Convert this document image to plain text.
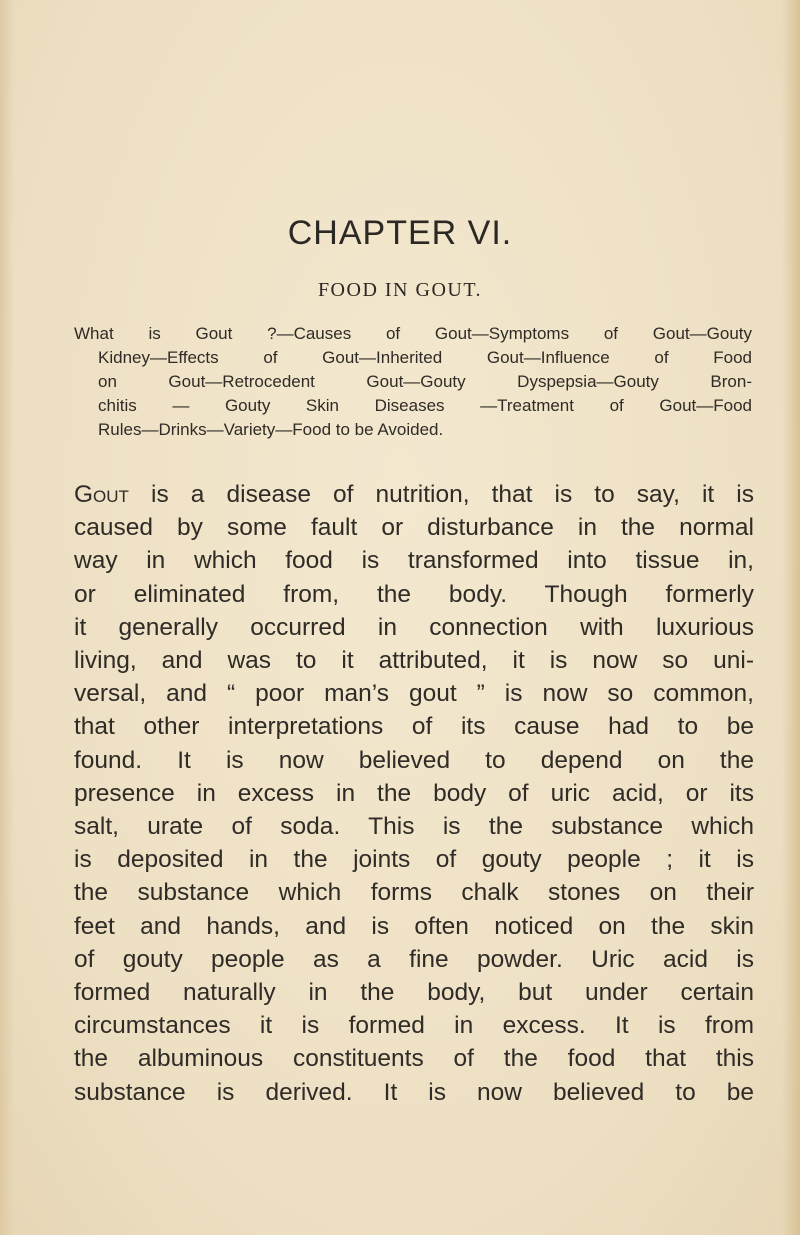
CHAPTER VI.
FOOD IN GOUT.
What is Gout ?—Causes of Gout—Symptoms of Gout—Gouty
Kidney—Effects of Gout—Inherited Gout—Influence of Food
on Gout—Retrocedent Gout—Gouty Dyspepsia—Gouty Bron-
chitis — Gouty Skin Diseases —Treatment of Gout—Food
Rules—Drinks—Variety—Food to be Avoided.
Gout is a disease of nutrition, that is to say, it is
caused by some fault or disturbance in the normal
way in which food is transformed into tissue in,
or eliminated from, the body. Though formerly
it generally occurred in connection with luxurious
living, and was to it attributed, it is now so uni-
versal, and “ poor man’s gout ” is now so common,
that other interpretations of its cause had to be
found. It is now believed to depend on the
presence in excess in the body of uric acid, or its
salt, urate of soda. This is the substance which
is deposited in the joints of gouty people ; it is
the substance which forms chalk stones on their
feet and hands, and is often noticed on the skin
of gouty people as a fine powder. Uric acid is
formed naturally in the body, but under certain
circumstances it is formed in excess. It is from
the albuminous constituents of the food that this
substance is derived. It is now believed to be
